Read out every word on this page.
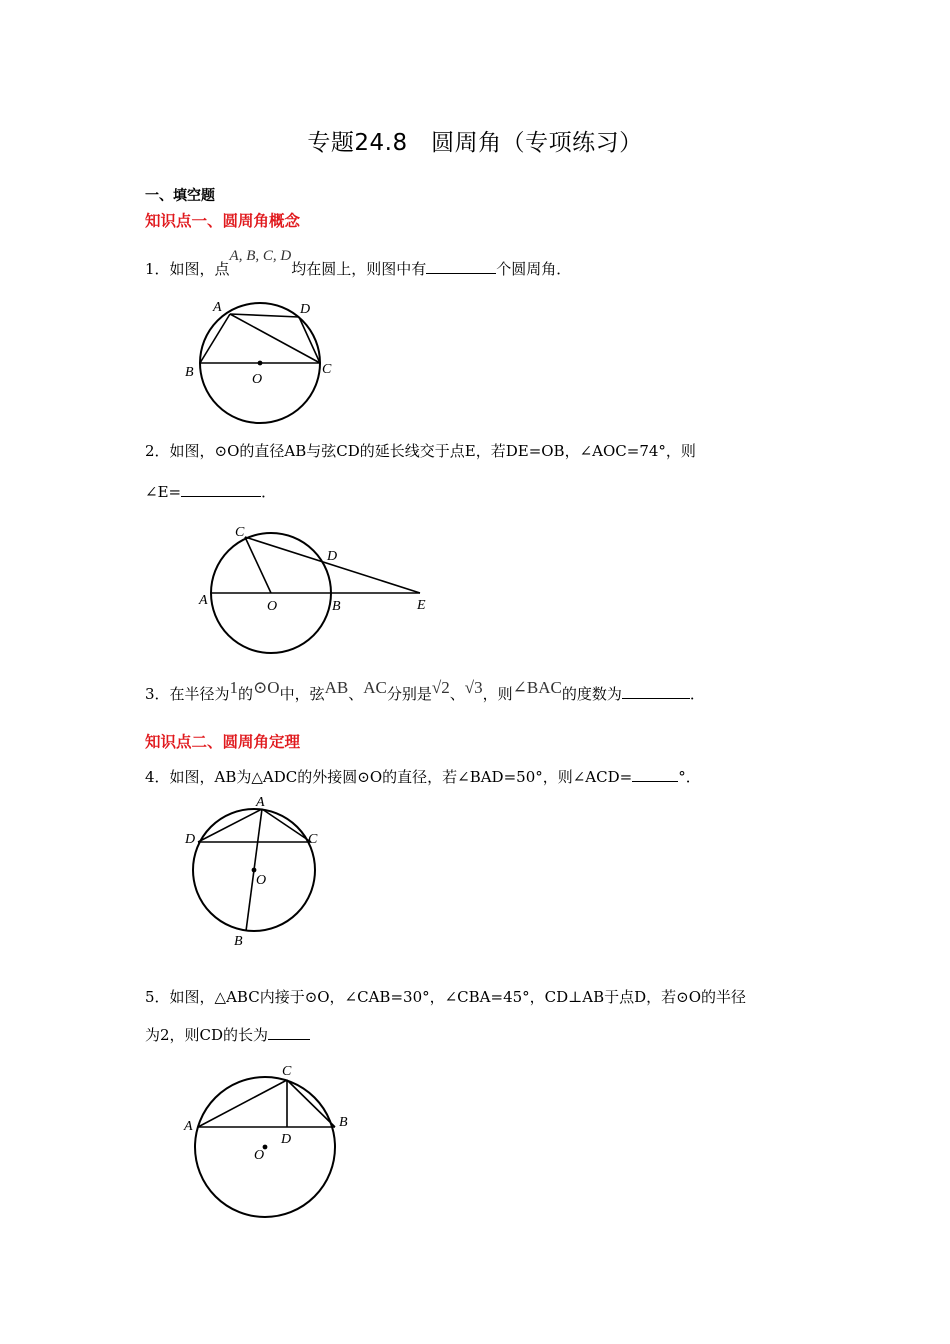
专题24.8　圆周角（专项练习）
一、填空题
知识点一、圆周角概念
1．如图，点A, B, C, D均在圆上，则图中有	个圆周角．
A	D
B	C
O
2．如图，⊙O的直径AB与弦CD的延长线交于点E，若DE=OB，∠AOC=74°，则
∠E=	．
C
D
A	O	B	E
3．在半径为1的⊙O中，弦AB、AC分别是√2、√3，则∠BAC的度数为	．
知识点二、圆周角定理
4．如图，AB为△ADC的外接圆⊙O的直径，若∠BAD=50°，则∠ACD=	°．
A
D	C
O
B
5．如图，△ABC内接于⊙O，∠CAB=30°，∠CBA=45°，CD⊥AB于点D，若⊙O的半径
为2，则CD的长为
C
A	B
D
O
